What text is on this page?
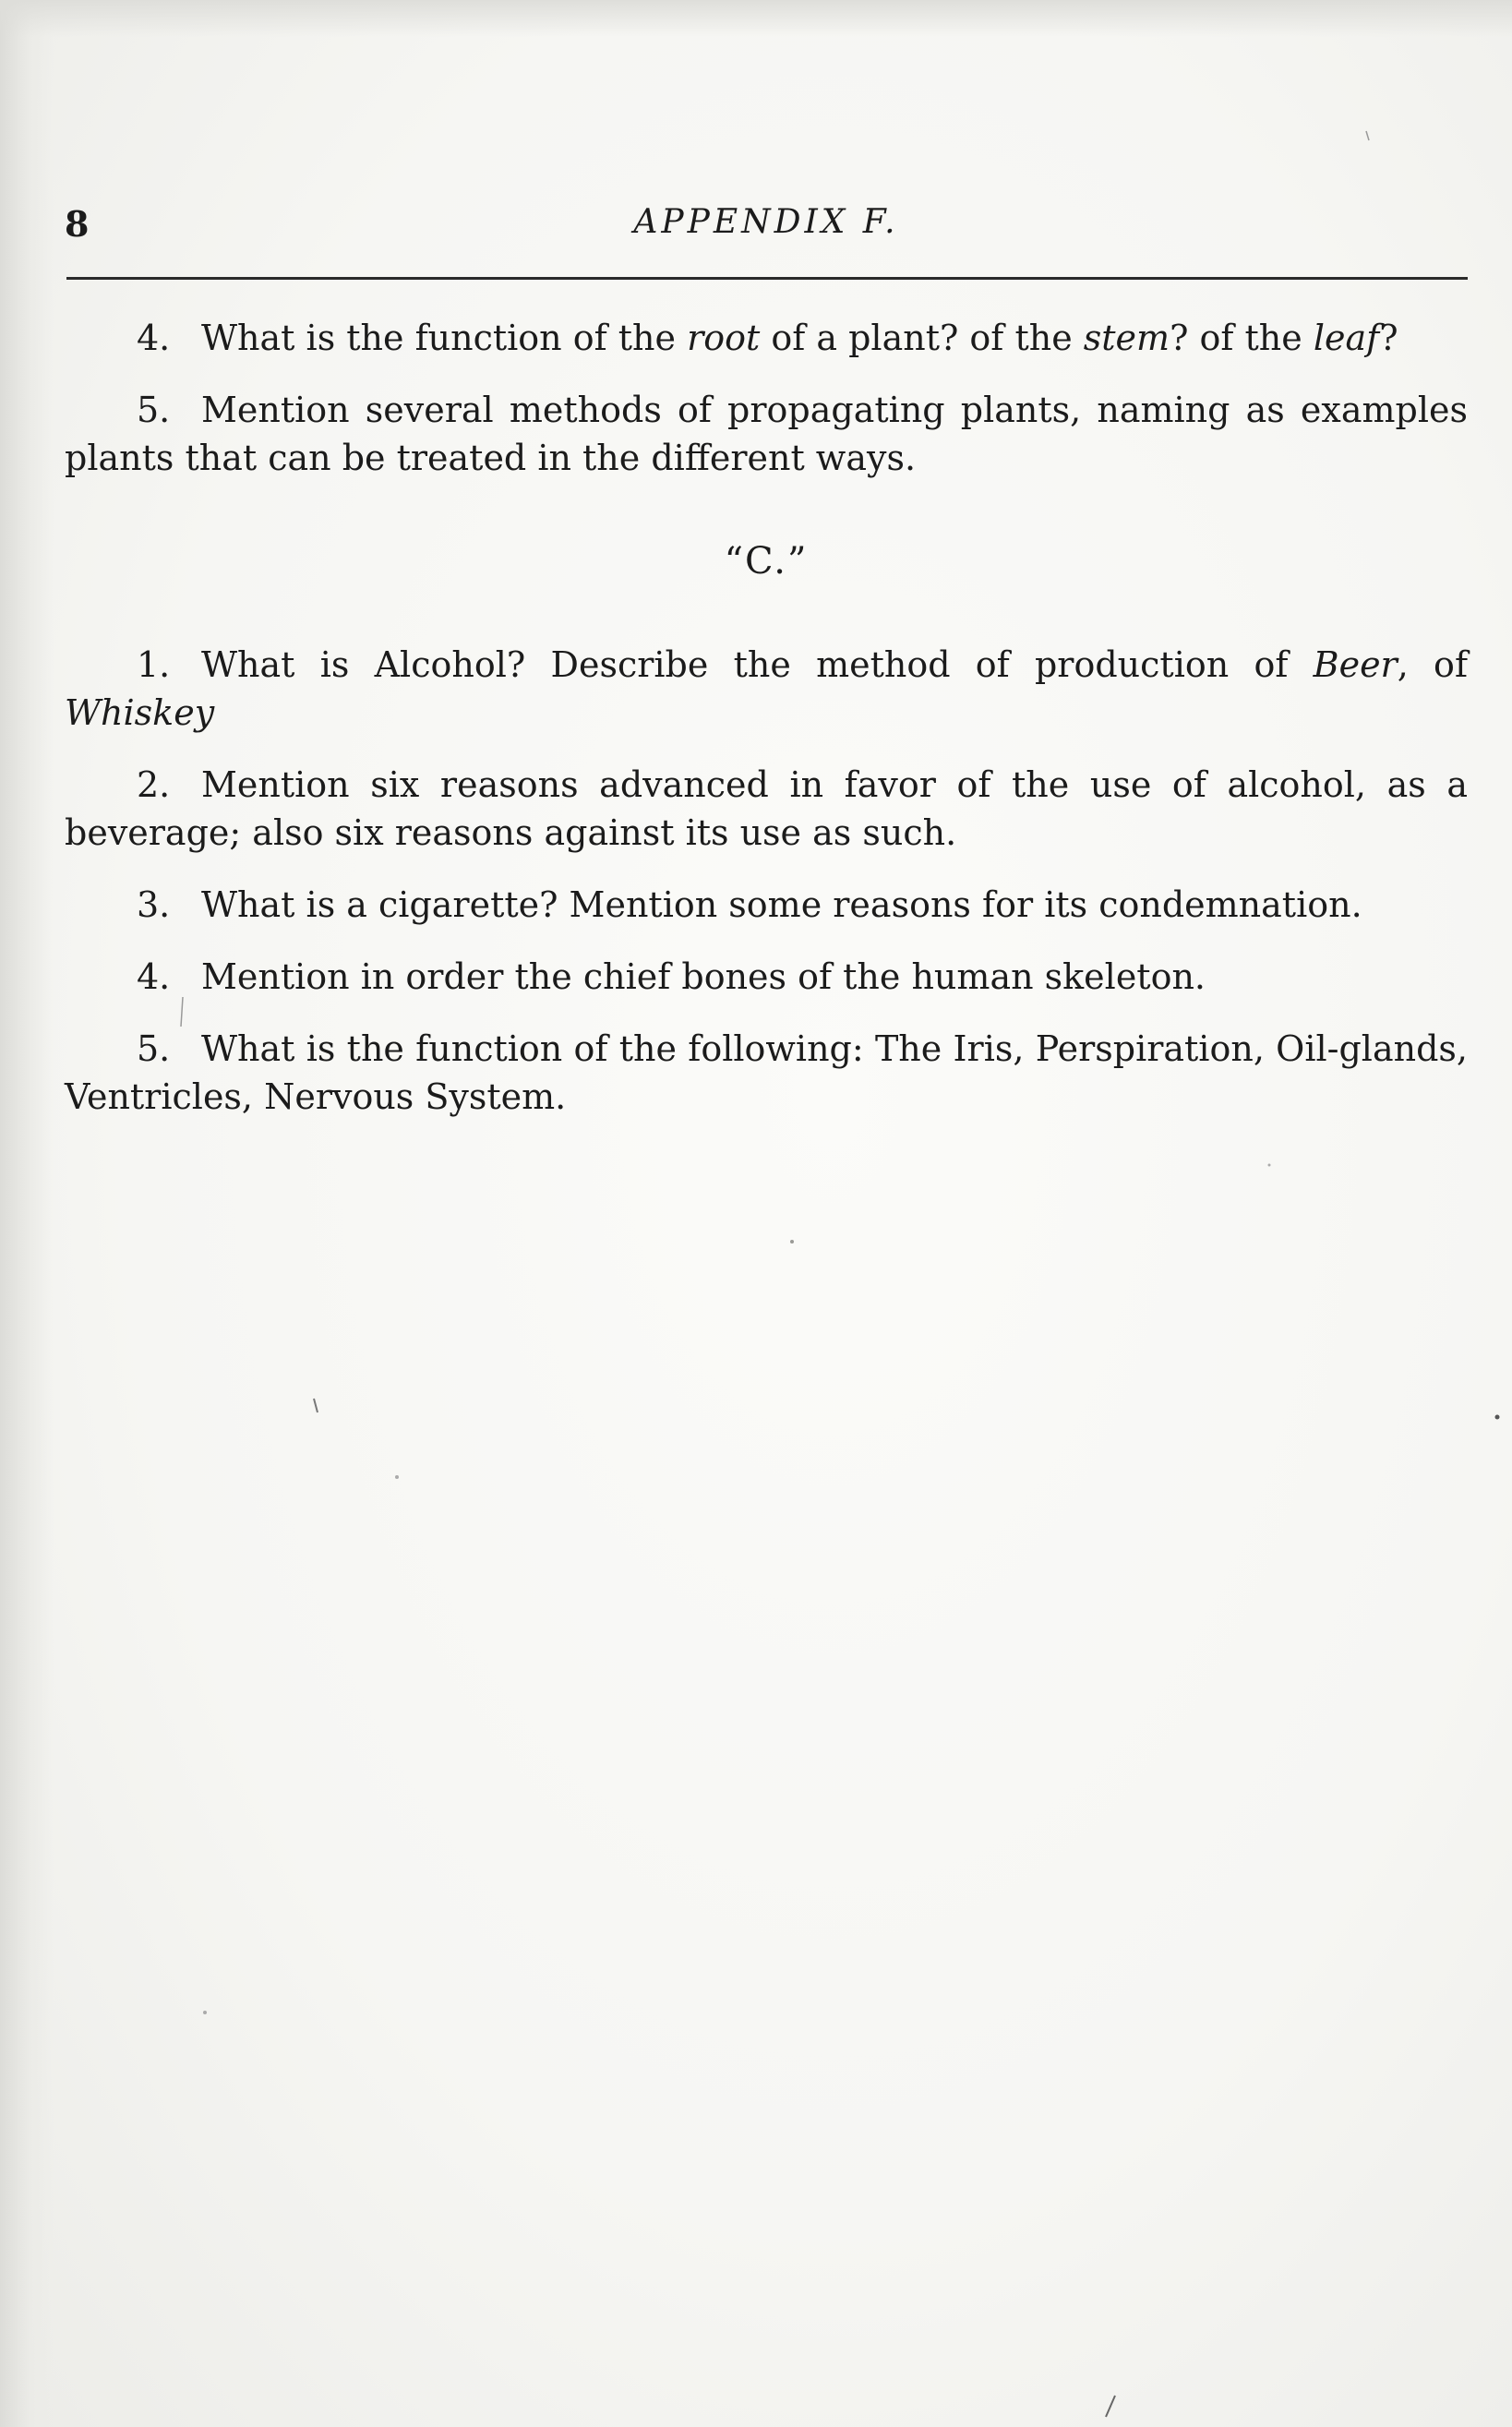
8	APPENDIX F.

4. What is the function of the root of a plant? of the stem? of the leaf?

5. Mention several methods of propagating plants, naming as examples plants that can be treated in the different ways.

“C.”

1. What is Alcohol? Describe the method of production of Beer, of Whiskey

2. Mention six reasons advanced in favor of the use of alcohol, as a beverage; also six reasons against its use as such.

3. What is a cigarette? Mention some reasons for its condemnation.

4. Mention in order the chief bones of the human skeleton.

5. What is the function of the following: The Iris, Perspiration, Oil-glands, Ventricles, Nervous System.
